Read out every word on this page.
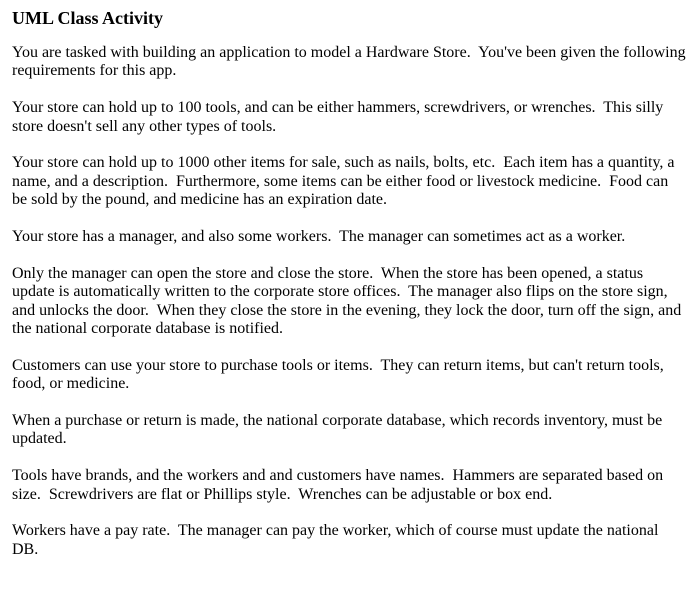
UML Class Activity

You are tasked with building an application to model a Hardware Store.  You've been given the following requirements for this app.

Your store can hold up to 100 tools, and can be either hammers, screwdrivers, or wrenches.  This silly store doesn't sell any other types of tools.

Your store can hold up to 1000 other items for sale, such as nails, bolts, etc.  Each item has a quantity, a name, and a description.  Furthermore, some items can be either food or livestock medicine.  Food can be sold by the pound, and medicine has an expiration date.

Your store has a manager, and also some workers.  The manager can sometimes act as a worker.

Only the manager can open the store and close the store.  When the store has been opened, a status update is automatically written to the corporate store offices.  The manager also flips on the store sign, and unlocks the door.  When they close the store in the evening, they lock the door, turn off the sign, and the national corporate database is notified.

Customers can use your store to purchase tools or items.  They can return items, but can't return tools, food, or medicine.

When a purchase or return is made, the national corporate database, which records inventory, must be updated.

Tools have brands, and the workers and and customers have names.  Hammers are separated based on size.  Screwdrivers are flat or Phillips style.  Wrenches can be adjustable or box end.

Workers have a pay rate.  The manager can pay the worker, which of course must update the national DB.
